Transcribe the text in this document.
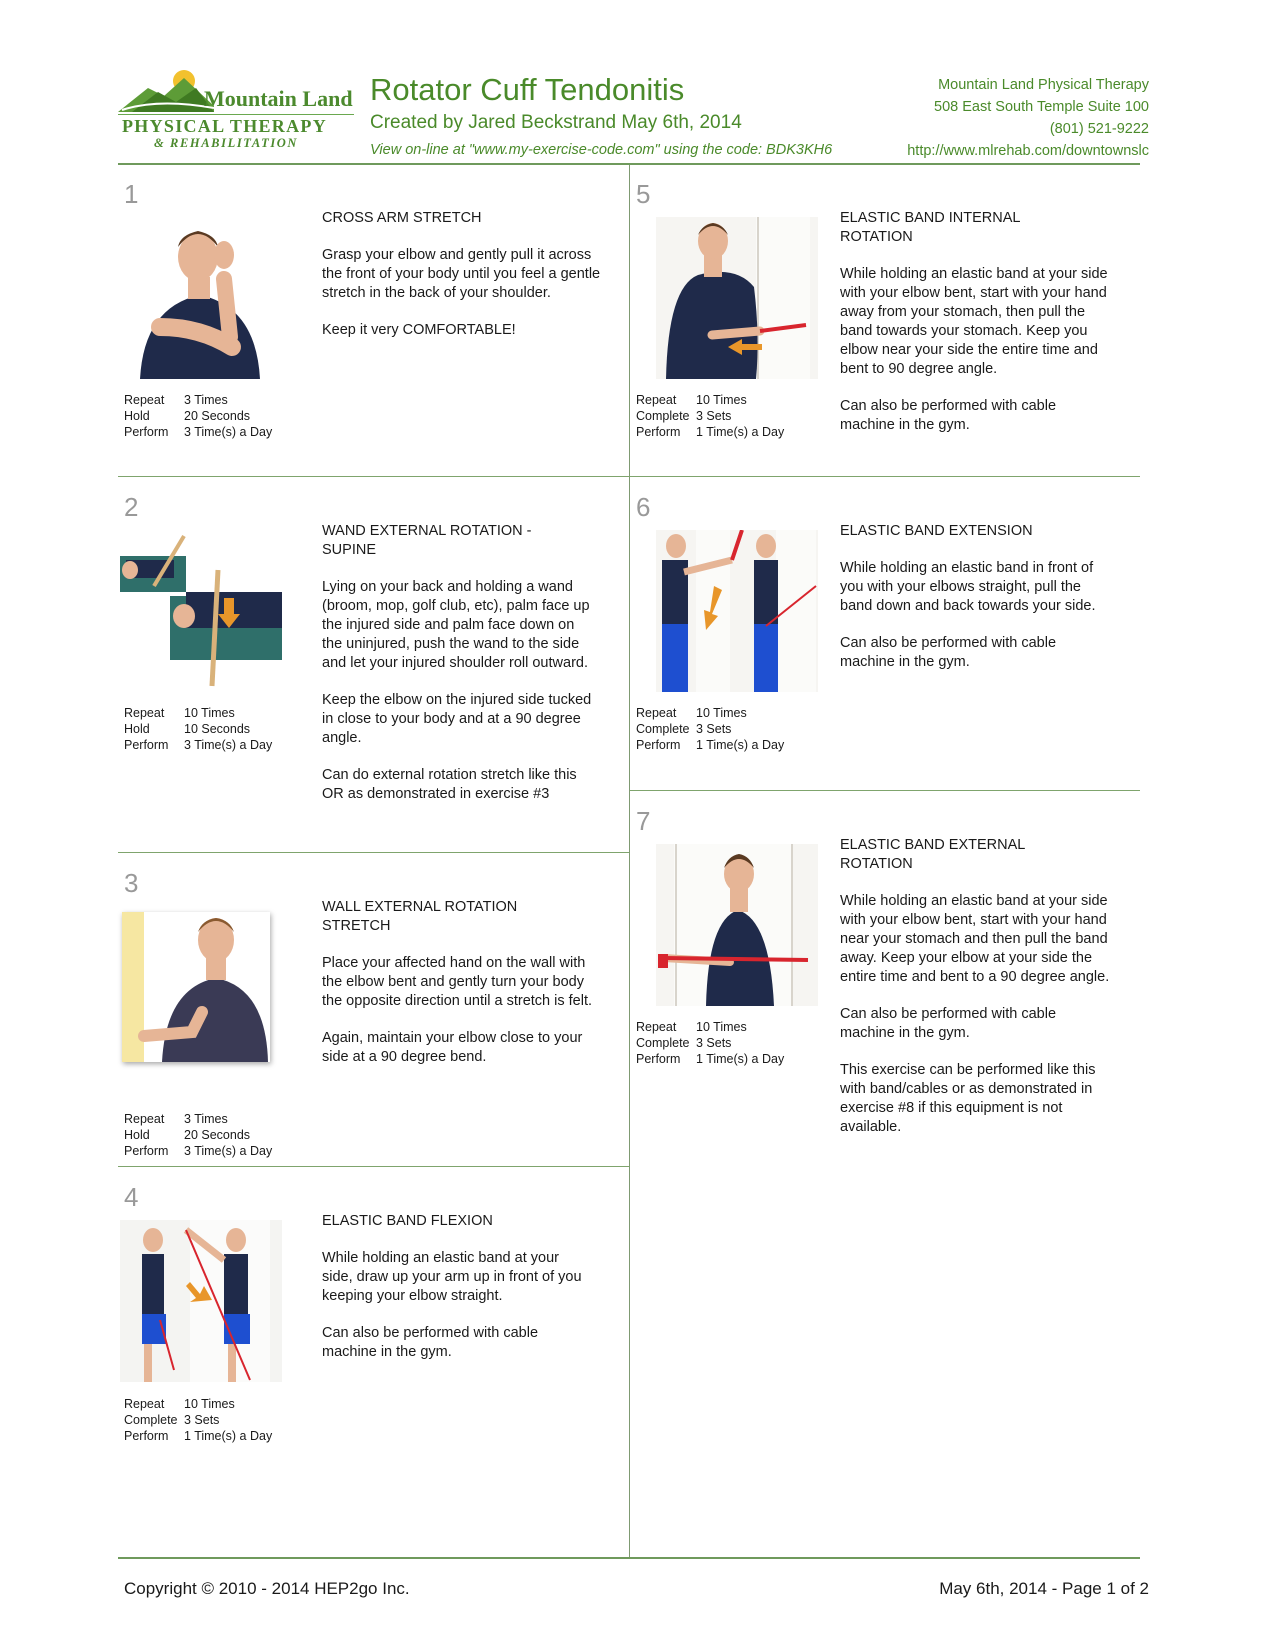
Mountain Land
PHYSICAL THERAPY
& REHABILITATION
Rotator Cuff Tendonitis
Created by Jared Beckstrand May 6th, 2014
View on-line at "www.my-exercise-code.com" using the code: BDK3KH6
Mountain Land Physical Therapy
508 East South Temple Suite 100
(801) 521-9222
http://www.mlrehab.com/downtownslc
1
CROSS ARM STRETCH

Grasp your elbow and gently pull it across the front of your body until you feel a gentle stretch in the back of your shoulder.

Keep it very COMFORTABLE!

Repeat 3 Times
Hold	20 Seconds
Perform 3 Time(s) a Day
2
WAND EXTERNAL ROTATION - SUPINE

Lying on your back and holding a wand (broom, mop, golf club, etc), palm face up the injured side and palm face down on the uninjured, push the wand to the side and let your injured shoulder roll outward.

Keep the elbow on the injured side tucked in close to your body and at a 90 degree angle.

Can do external rotation stretch like this OR as demonstrated in exercise #3

Repeat 10 Times
Hold	10 Seconds
Perform 3 Time(s) a Day
3
WALL EXTERNAL ROTATION STRETCH

Place your affected hand on the wall with the elbow bent and gently turn your body the opposite direction until a stretch is felt.

Again, maintain your elbow close to your side at a 90 degree bend.

Repeat 3 Times
Hold	20 Seconds
Perform 3 Time(s) a Day
4
ELASTIC BAND FLEXION

While holding an elastic band at your side, draw up your arm up in front of you keeping your elbow straight.

Can also be performed with cable machine in the gym.

Repeat 10 Times
Complete 3 Sets
Perform 1 Time(s) a Day
5
ELASTIC BAND INTERNAL ROTATION

While holding an elastic band at your side with your elbow bent, start with your hand away from your stomach, then pull the band towards your stomach. Keep you elbow near your side the entire time and bent to 90 degree angle.

Can also be performed with cable machine in the gym.

Repeat 10 Times
Complete 3 Sets
Perform 1 Time(s) a Day
6
ELASTIC BAND EXTENSION

While holding an elastic band in front of you with your elbows straight, pull the band down and back towards your side.

Can also be performed with cable machine in the gym.

Repeat 10 Times
Complete 3 Sets
Perform 1 Time(s) a Day
7
ELASTIC BAND EXTERNAL ROTATION

While holding an elastic band at your side with your elbow bent, start with your hand near your stomach and then pull the band away. Keep your elbow at your side the entire time and bent to a 90 degree angle.

Can also be performed with cable machine in the gym.

This exercise can be performed like this with band/cables or as demonstrated in exercise #8 if this equipment is not available.

Repeat 10 Times
Complete 3 Sets
Perform 1 Time(s) a Day
Copyright © 2010 - 2014 HEP2go Inc.	May 6th, 2014 - Page 1 of 2
